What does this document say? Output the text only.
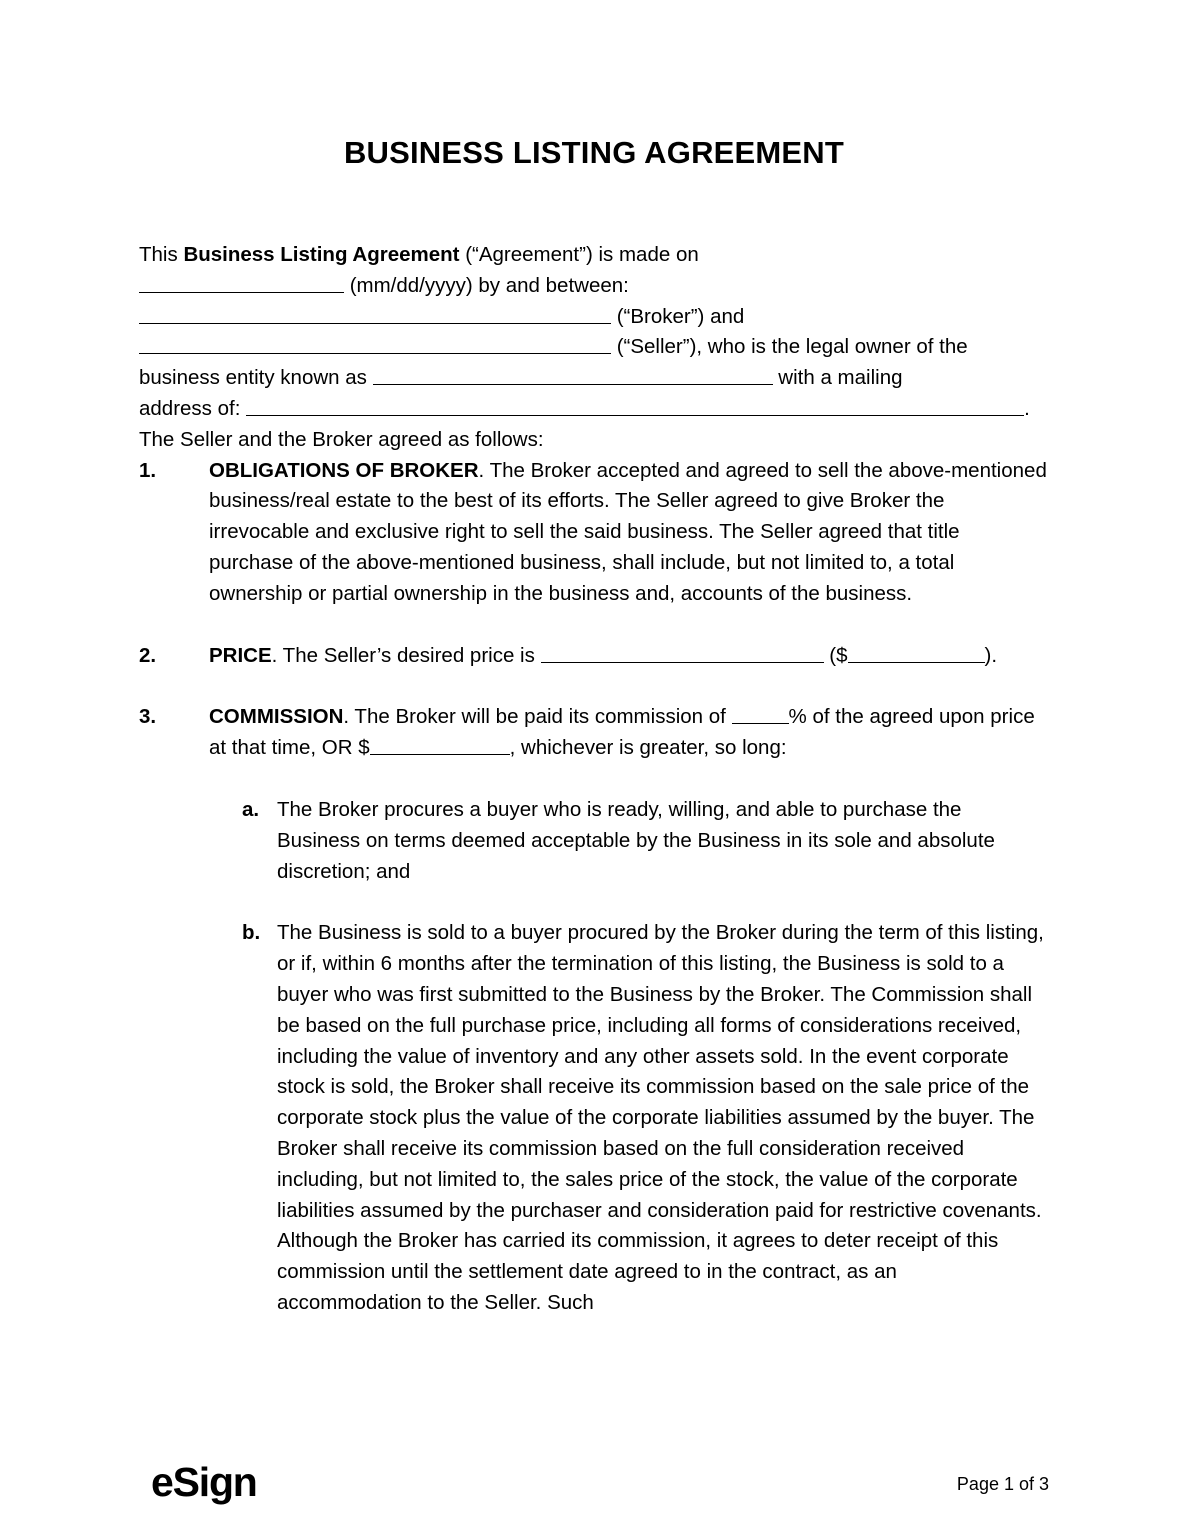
BUSINESS LISTING AGREEMENT

This Business Listing Agreement (“Agreement”) is made on
(mm/dd/yyyy) by and between:
(“Broker”) and
(“Seller”), who is the legal owner of the
business entity known as	with a mailing
address of:	.

The Seller and the Broker agreed as follows:

1.	OBLIGATIONS OF BROKER. The Broker accepted and agreed to sell the above-mentioned business/real estate to the best of its efforts. The Seller agreed to give Broker the irrevocable and exclusive right to sell the said business. The Seller agreed that title purchase of the above-mentioned business, shall include, but not limited to, a total ownership or partial ownership in the business and, accounts of the business.
2.	PRICE. The Seller’s desired price is	($	).
3.	COMMISSION. The Broker will be paid its commission of	% of the agreed upon price at that time, OR $	, whichever is greater, so long:
a. The Broker procures a buyer who is ready, willing, and able to purchase the Business on terms deemed acceptable by the Business in its sole and absolute discretion; and
b. The Business is sold to a buyer procured by the Broker during the term of this listing, or if, within 6 months after the termination of this listing, the Business is sold to a buyer who was first submitted to the Business by the Broker. The Commission shall be based on the full purchase price, including all forms of considerations received, including the value of inventory and any other assets sold. In the event corporate stock is sold, the Broker shall receive its commission based on the sale price of the corporate stock plus the value of the corporate liabilities assumed by the buyer. The Broker shall receive its commission based on the full consideration received including, but not limited to, the sales price of the stock, the value of the corporate liabilities assumed by the purchaser and consideration paid for restrictive covenants. Although the Broker has carried its commission, it agrees to deter receipt of this commission until the settlement date agreed to in the contract, as an accommodation to the Seller. Such
eSign	Page 1 of 3
